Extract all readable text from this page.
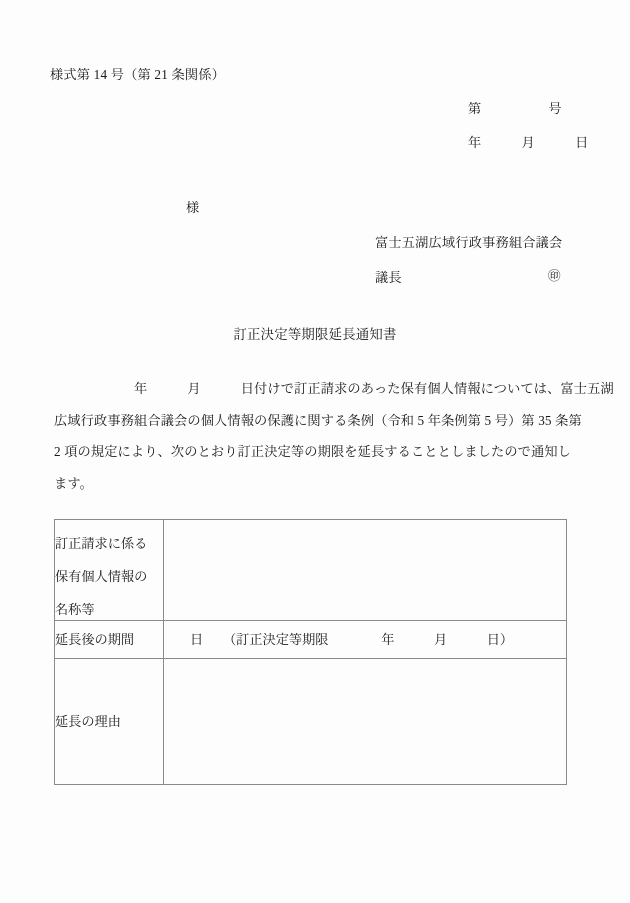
様式第 14 号（第 21 条関係）
第　　　　　号
年　　　月　　　日
様
富士五湖広域行政事務組合議会
議長	㊞
訂正決定等期限延長通知書
　　　　　　年　　　月　　　日付けで訂正請求のあった保有個人情報については、富士五湖
広域行政事務組合議会の個人情報の保護に関する条例（令和 5 年条例第 5 号）第 35 条第
2 項の規定により、次のとおり訂正決定等の期限を延長することとしましたので通知し
ます。
訂正請求に係る
保有個人情報の
名称等	

延長後の期間	日　　（訂正決定等期限　　　　年　　　月　　　日）

延長の理由	
